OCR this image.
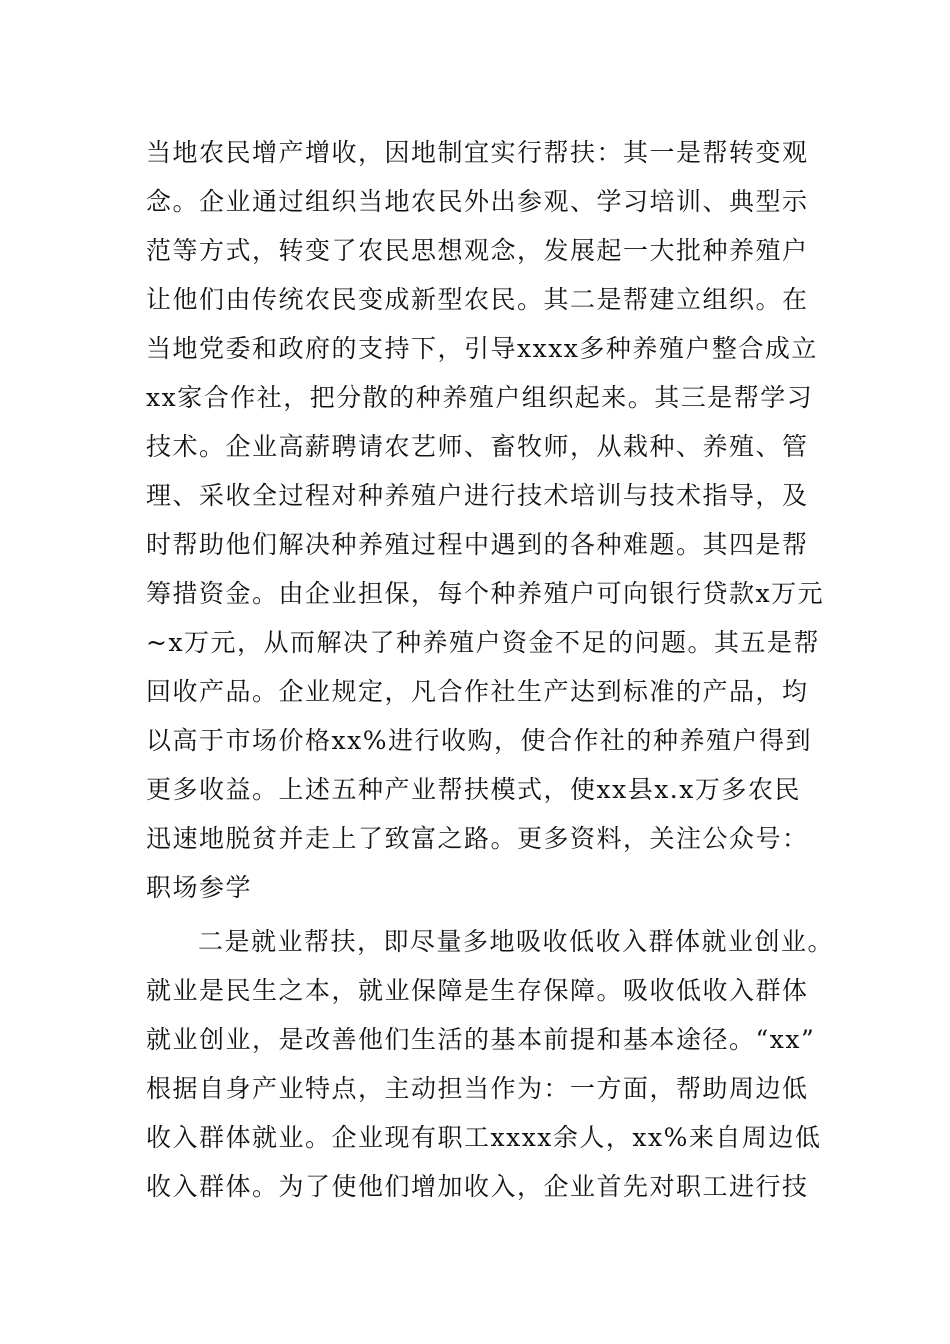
当地农民增产增收，因地制宜实行帮扶：其一是帮转变观
念。企业通过组织当地农民外出参观、学习培训、典型示
范等方式，转变了农民思想观念，发展起一大批种养殖户
让他们由传统农民变成新型农民。其二是帮建立组织。在
当地党委和政府的支持下，引导xxxx多种养殖户整合成立
xx家合作社，把分散的种养殖户组织起来。其三是帮学习
技术。企业高薪聘请农艺师、畜牧师，从栽种、养殖、管
理、采收全过程对种养殖户进行技术培训与技术指导，及
时帮助他们解决种养殖过程中遇到的各种难题。其四是帮
筹措资金。由企业担保，每个种养殖户可向银行贷款x万元
~x万元，从而解决了种养殖户资金不足的问题。其五是帮
回收产品。企业规定，凡合作社生产达到标准的产品，均
以高于市场价格xx%进行收购，使合作社的种养殖户得到
更多收益。上述五种产业帮扶模式，使xx县x.x万多农民
迅速地脱贫并走上了致富之路。更多资料，关注公众号：
职场参学
二是就业帮扶，即尽量多地吸收低收入群体就业创业。
就业是民生之本，就业保障是生存保障。吸收低收入群体
就业创业，是改善他们生活的基本前提和基本途径。“xx”
根据自身产业特点，主动担当作为：一方面，帮助周边低
收入群体就业。企业现有职工xxxx余人，xx%来自周边低
收入群体。为了使他们增加收入，企业首先对职工进行技
